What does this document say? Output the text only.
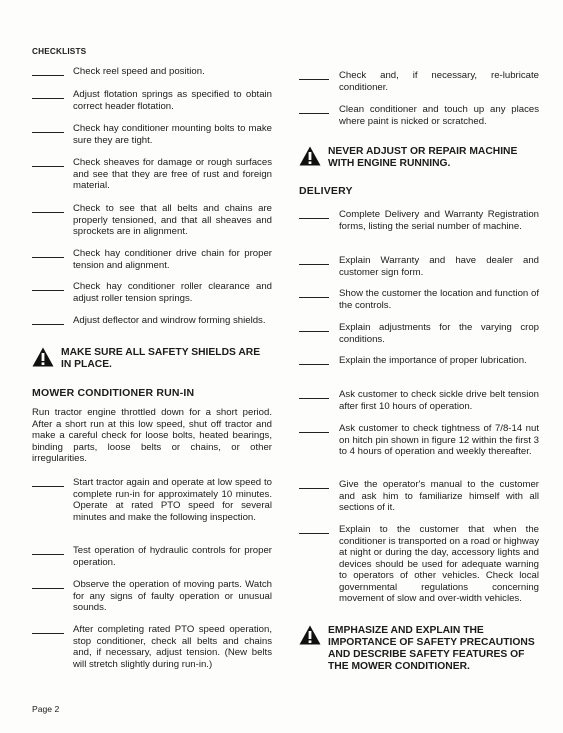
CHECKLISTS
Check reel speed and position.
Adjust flotation springs as specified to obtain correct header flotation.
Check hay conditioner mounting bolts to make sure they are tight.
Check sheaves for damage or rough surfaces and see that they are free of rust and foreign material.
Check to see that all belts and chains are properly tensioned, and that all sheaves and sprockets are in alignment.
Check hay conditioner drive chain for proper tension and alignment.
Check hay conditioner roller clearance and adjust roller tension springs.
Adjust deflector and windrow forming shields.
MAKE SURE ALL SAFETY SHIELDS ARE IN PLACE.
MOWER CONDITIONER RUN-IN
Run tractor engine throttled down for a short period. After a short run at this low speed, shut off tractor and make a careful check for loose bolts, heated bearings, binding parts, loose belts or chains, or other irregularities.
Start tractor again and operate at low speed to complete run-in for approximately 10 minutes. Operate at rated PTO speed for several minutes and make the following inspection.
Test operation of hydraulic controls for proper operation.
Observe the operation of moving parts. Watch for any signs of faulty operation or unusual sounds.
After completing rated PTO speed operation, stop conditioner, check all belts and chains and, if necessary, adjust tension. (New belts will stretch slightly during run-in.)
Check and, if necessary, re-lubricate conditioner.
Clean conditioner and touch up any places where paint is nicked or scratched.
NEVER ADJUST OR REPAIR MACHINE WITH ENGINE RUNNING.
DELIVERY
Complete Delivery and Warranty Registration forms, listing the serial number of machine.
Explain Warranty and have dealer and customer sign form.
Show the customer the location and function of the controls.
Explain adjustments for the varying crop conditions.
Explain the importance of proper lubrication.
Ask customer to check sickle drive belt tension after first 10 hours of operation.
Ask customer to check tightness of 7/8-14 nut on hitch pin shown in figure 12 within the first 3 to 4 hours of operation and weekly thereafter.
Give the operator's manual to the customer and ask him to familiarize himself with all sections of it.
Explain to the customer that when the conditioner is transported on a road or highway at night or during the day, accessory lights and devices should be used for adequate warning to operators of other vehicles. Check local governmental regulations concerning movement of slow and over-width vehicles.
EMPHASIZE AND EXPLAIN THE IMPORTANCE OF SAFETY PRECAUTIONS AND DESCRIBE SAFETY FEATURES OF THE MOWER CONDITIONER.
Page 2
